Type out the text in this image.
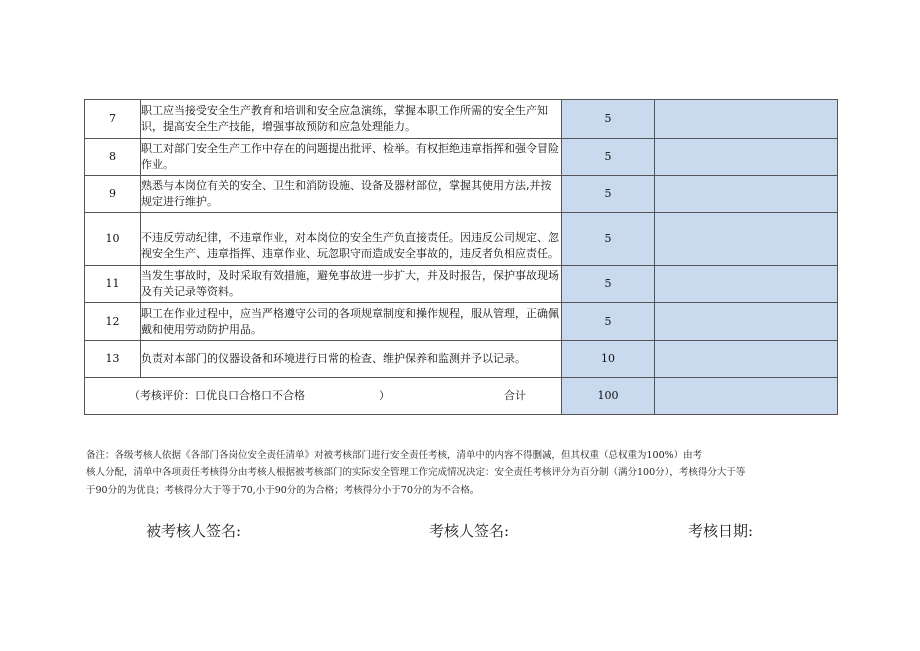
7	职工应当接受安全生产教育和培训和安全应急演练，掌握本职工作所需的安全生产知识，提高安全生产技能，增强事故预防和应急处理能力。	5	
8	职工对部门安全生产工作中存在的问题提出批评、检举。有权拒绝违章指挥和强令冒险作业。	5	
9	熟悉与本岗位有关的安全、卫生和消防设施、设备及器材部位，掌握其使用方法,并按规定进行维护。	5	
10	不违反劳动纪律，不违章作业，对本岗位的安全生产负直接责任。因违反公司规定、忽视安全生产、违章指挥、违章作业、玩忽职守而造成安全事故的，违反者负相应责任。	5	
11	当发生事故时，及时采取有效措施，避免事故进一步扩大，并及时报告，保护事故现场及有关记录等资料。	5	
12	职工在作业过程中，应当严格遵守公司的各项规章制度和操作规程，服从管理，正确佩戴和使用劳动防护用品。	5	
13	负责对本部门的仪器设备和环境进行日常的检查、维护保养和监测并予以记录。	10	

（考核评价：口优良口合格口不合格 ） 合计		100	

备注：各级考核人依据《各部门各岗位安全责任清单》对被考核部门进行安全责任考核，清单中的内容不得删减，但其权重（总权重为100%）由考

核人分配，清单中各项责任考核得分由考核人根据被考核部门的实际安全管理工作完成情况决定：安全责任考核评分为百分制（满分100分），考核得分大于等

于90分的为优良；考核得分大于等于70,小于90分的为合格；考核得分小于70分的为不合格。

被考核人签名:	考核人签名:	考核日期:
